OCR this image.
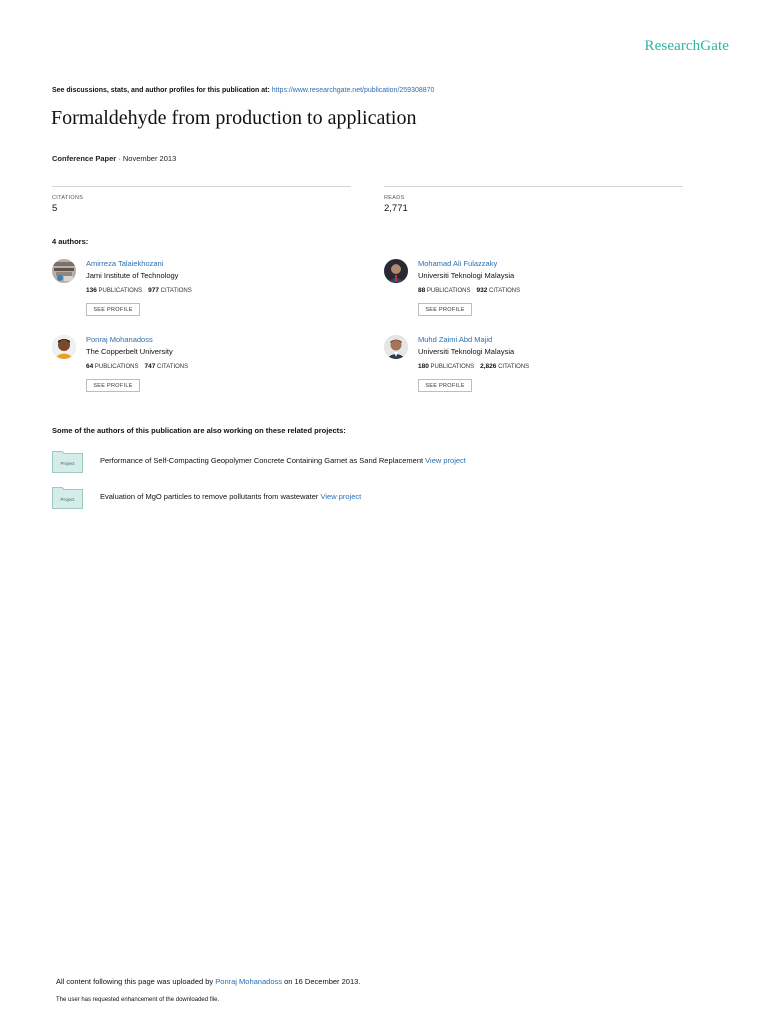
ResearchGate
See discussions, stats, and author profiles for this publication at: https://www.researchgate.net/publication/259308870
Formaldehyde from production to application
Conference Paper · November 2013
CITATIONS
5
READS
2,771
4 authors:
Amirreza Talaiekhozani
Jami Institute of Technology
136 PUBLICATIONS 977 CITATIONS
SEE PROFILE
Mohamad Ali Fulazzaky
Universiti Teknologi Malaysia
88 PUBLICATIONS 932 CITATIONS
SEE PROFILE
Ponraj Mohanadoss
The Copperbelt University
64 PUBLICATIONS 747 CITATIONS
SEE PROFILE
Muhd Zaimi Abd Majid
Universiti Teknologi Malaysia
180 PUBLICATIONS 2,826 CITATIONS
SEE PROFILE
Some of the authors of this publication are also working on these related projects:
Project	Performance of Self-Compacting Geopolymer Concrete Containing Garnet as Sand Replacement View project
Project	Evaluation of MgO particles to remove pollutants from wastewater View project
All content following this page was uploaded by Ponraj Mohanadoss on 16 December 2013.
The user has requested enhancement of the downloaded file.
